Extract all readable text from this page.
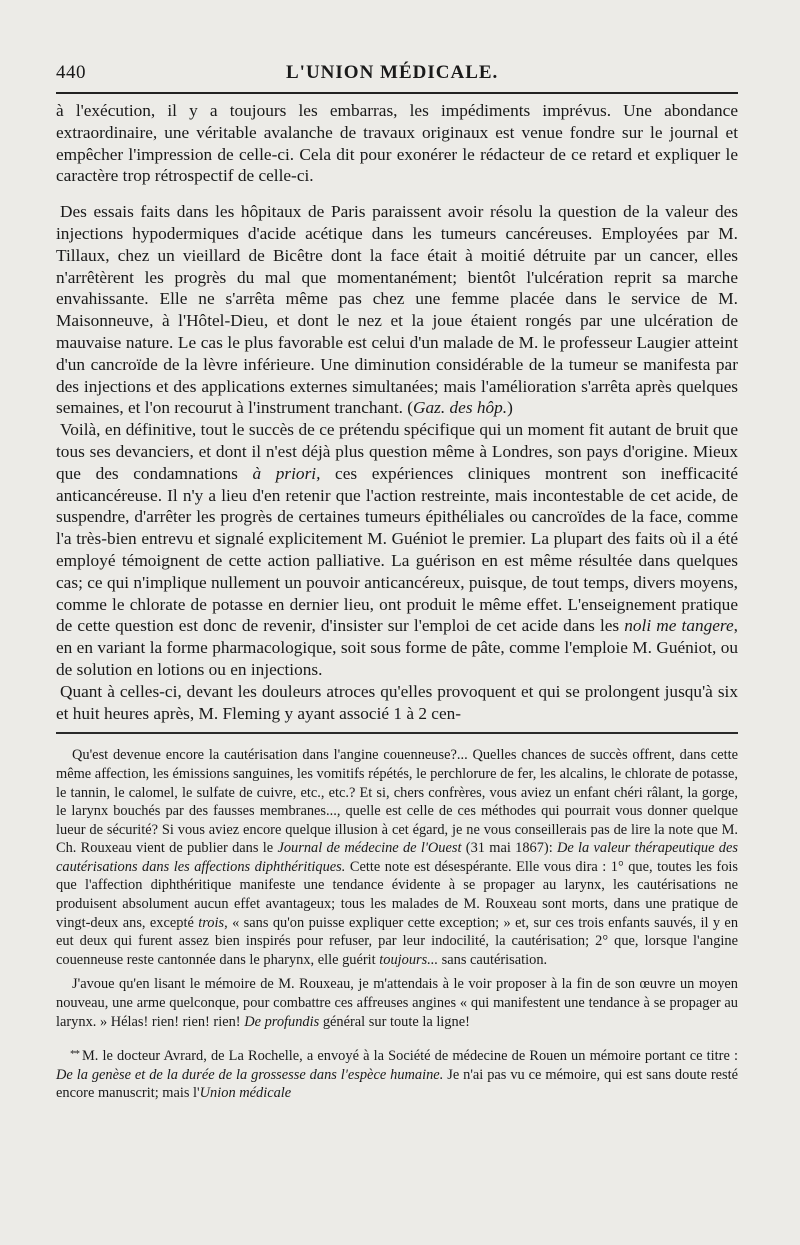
440	L'UNION MÉDICALE.

à l'exécution, il y a toujours les embarras, les impédiments imprévus. Une abondance extraordinaire, une véritable avalanche de travaux originaux est venue fondre sur le journal et empêcher l'impression de celle-ci. Cela dit pour exonérer le rédacteur de ce retard et expliquer le caractère trop rétrospectif de celle-ci.

Des essais faits dans les hôpitaux de Paris paraissent avoir résolu la question de la valeur des injections hypodermiques d'acide acétique dans les tumeurs cancéreuses. Employées par M. Tillaux, chez un vieillard de Bicêtre dont la face était à moitié détruite par un cancer, elles n'arrêtèrent les progrès du mal que momentanément; bientôt l'ulcération reprit sa marche envahissante. Elle ne s'arrêta même pas chez une femme placée dans le service de M. Maisonneuve, à l'Hôtel-Dieu, et dont le nez et la joue étaient rongés par une ulcération de mauvaise nature. Le cas le plus favorable est celui d'un malade de M. le professeur Laugier atteint d'un cancroïde de la lèvre inférieure. Une diminution considérable de la tumeur se manifesta par des injections et des applications externes simultanées; mais l'amélioration s'arrêta après quelques semaines, et l'on recourut à l'instrument tranchant. (Gaz. des hôp.)

Voilà, en définitive, tout le succès de ce prétendu spécifique qui un moment fit autant de bruit que tous ses devanciers, et dont il n'est déjà plus question même à Londres, son pays d'origine. Mieux que des condamnations à priori, ces expériences cliniques montrent son inefficacité anticancéreuse. Il n'y a lieu d'en retenir que l'action restreinte, mais incontestable de cet acide, de suspendre, d'arrêter les progrès de certaines tumeurs épithéliales ou cancroïdes de la face, comme l'a très-bien entrevu et signalé explicitement M. Guéniot le premier. La plupart des faits où il a été employé témoignent de cette action palliative. La guérison en est même résultée dans quelques cas; ce qui n'implique nullement un pouvoir anticancéreux, puisque, de tout temps, divers moyens, comme le chlorate de potasse en dernier lieu, ont produit le même effet. L'enseignement pratique de cette question est donc de revenir, d'insister sur l'emploi de cet acide dans les noli me tangere, en en variant la forme pharmacologique, soit sous forme de pâte, comme l'emploie M. Guéniot, ou de solution en lotions ou en injections.

Quant à celles-ci, devant les douleurs atroces qu'elles provoquent et qui se prolongent jusqu'à six et huit heures après, M. Fleming y ayant associé 1 à 2 cen-

Qu'est devenue encore la cautérisation dans l'angine couenneuse?... Quelles chances de succès offrent, dans cette même affection, les émissions sanguines, les vomitifs répétés, le perchlorure de fer, les alcalins, le chlorate de potasse, le tannin, le calomel, le sulfate de cuivre, etc., etc.? Et si, chers confrères, vous aviez un enfant chéri râlant, la gorge, le larynx bouchés par des fausses membranes..., quelle est celle de ces méthodes qui pourrait vous donner quelque lueur de sécurité? Si vous aviez encore quelque illusion à cet égard, je ne vous conseillerais pas de lire la note que M. Ch. Rouxeau vient de publier dans le Journal de médecine de l'Ouest (31 mai 1867): De la valeur thérapeutique des cautérisations dans les affections diphthéritiques. Cette note est désespérante. Elle vous dira : 1° que, toutes les fois que l'affection diphthéritique manifeste une tendance évidente à se propager au larynx, les cautérisations ne produisent absolument aucun effet avantageux; tous les malades de M. Rouxeau sont morts, dans une pratique de vingt-deux ans, excepté trois, « sans qu'on puisse expliquer cette exception; » et, sur ces trois enfants sauvés, il y en eut deux qui furent assez bien inspirés pour refuser, par leur indocilité, la cautérisation; 2° que, lorsque l'angine couenneuse reste cantonnée dans le pharynx, elle guérit toujours... sans cautérisation.

J'avoue qu'en lisant le mémoire de M. Rouxeau, je m'attendais à le voir proposer à la fin de son œuvre un moyen nouveau, une arme quelconque, pour combattre ces affreuses angines « qui manifestent une tendance à se propager au larynx. » Hélas! rien! rien! rien! De profundis général sur toute la ligne!

** M. le docteur Avrard, de La Rochelle, a envoyé à la Société de médecine de Rouen un mémoire portant ce titre : De la genèse et de la durée de la grossesse dans l'espèce humaine. Je n'ai pas vu ce mémoire, qui est sans doute resté encore manuscrit; mais l'Union médicale
